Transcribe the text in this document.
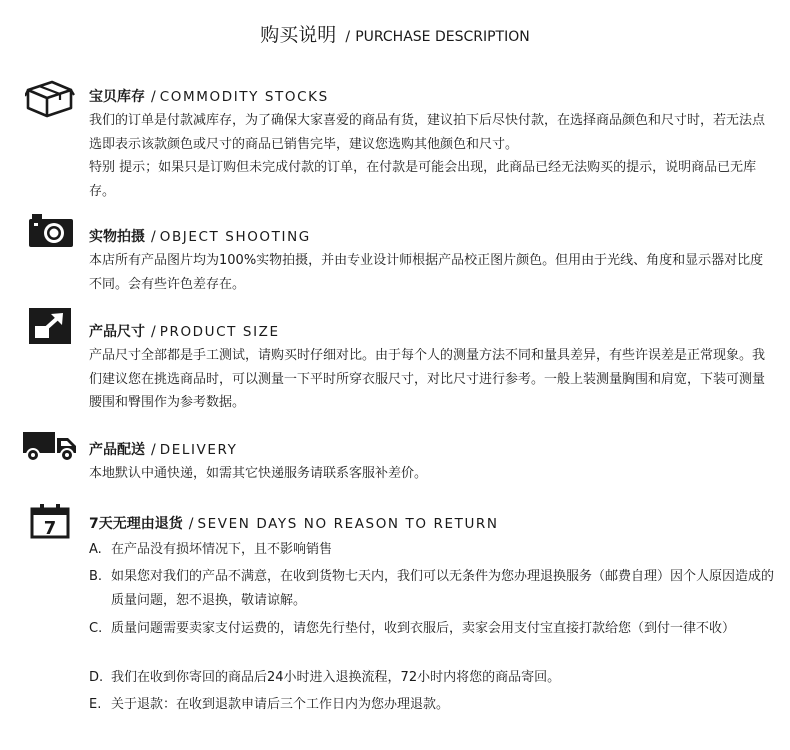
购买说明 / PURCHASE DESCRIPTION
宝贝库存 / COMMODITY STOCKS

我们的订单是付款减库存，为了确保大家喜爱的商品有货，建议拍下后尽快付款，在选择商品颜色和尺寸时，若无法点选即表示该款颜色或尺寸的商品已销售完毕，建议您选购其他颜色和尺寸。

特别 提示；如果只是订购但未完成付款的订单，在付款是可能会出现，此商品已经无法购买的提示，说明商品已无库存。

实物拍摄 / OBJECT SHOOTING

本店所有产品图片均为100%实物拍摄，并由专业设计师根据产品校正图片颜色。但用由于光线、角度和显示器对比度不同。会有些许色差存在。

产品尺寸 / PRODUCT SIZE

产品尺寸全部都是手工测试，请购买时仔细对比。由于每个人的测量方法不同和量具差异，有些许误差是正常现象。我们建议您在挑选商品时，可以测量一下平时所穿衣服尺寸，对比尺寸进行参考。一般上装测量胸围和肩宽，下装可测量腰围和臀围作为参考数据。

产品配送 / DELIVERY

本地默认中通快递，如需其它快递服务请联系客服补差价。

7 7天无理由退货 / SEVEN DAYS NO REASON TO RETURN
A. 在产品没有损坏情况下，且不影响销售
B. 如果您对我们的产品不满意，在收到货物七天内，我们可以无条件为您办理退换服务（邮费自理）因个人原因造成的质量问题，恕不退换，敬请谅解。
C. 质量问题需要卖家支付运费的，请您先行垫付，收到衣服后，卖家会用支付宝直接打款给您（到付一律不收）
D. 我们在收到你寄回的商品后24小时进入退换流程，72小时内将您的商品寄回。
E. 关于退款：在收到退款申请后三个工作日内为您办理退款。
